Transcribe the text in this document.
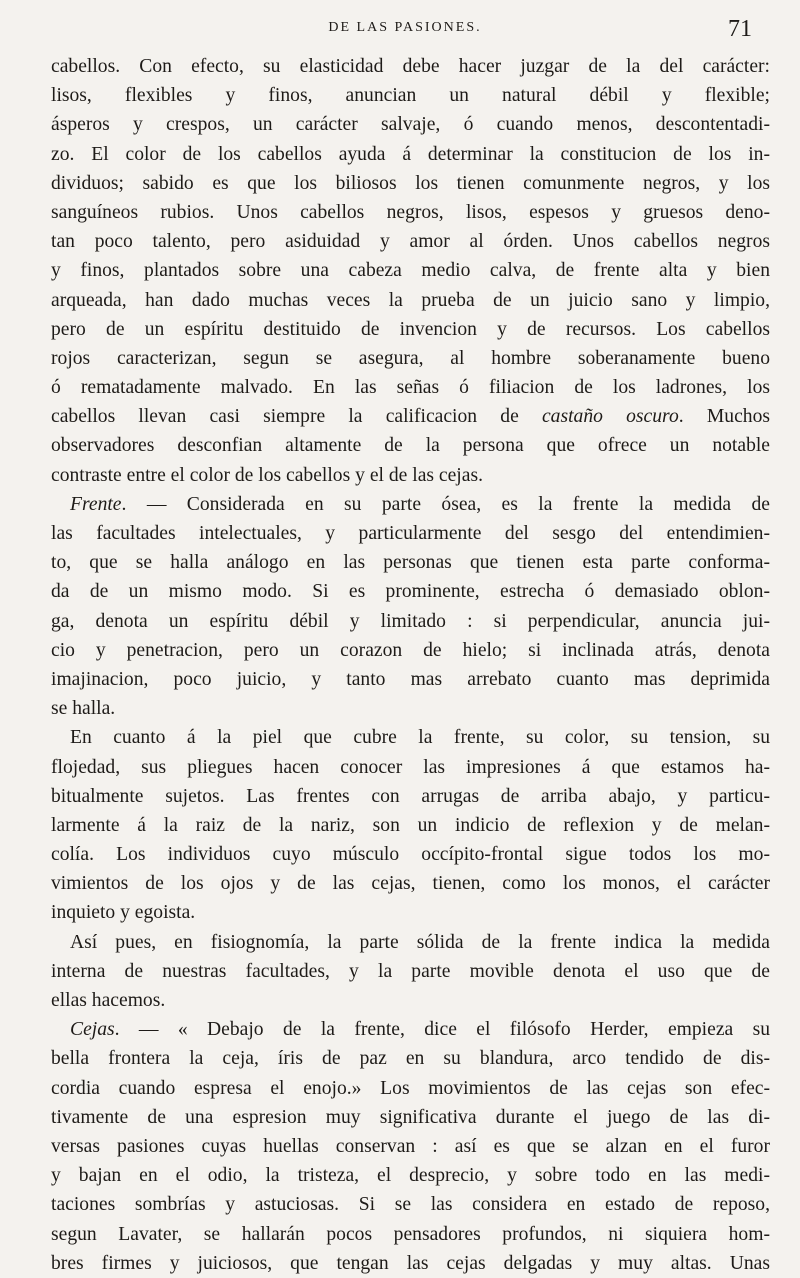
DE LAS PASIONES.	71
cabellos. Con efecto, su elasticidad debe hacer juzgar de la del carácter:
lisos, flexibles y finos, anuncian un natural débil y flexible;
ásperos y crespos, un carácter salvaje, ó cuando menos, descontentadi-
zo. El color de los cabellos ayuda á determinar la constitucion de los in-
dividuos; sabido es que los biliosos los tienen comunmente negros, y los
sanguíneos rubios. Unos cabellos negros, lisos, espesos y gruesos deno-
tan poco talento, pero asiduidad y amor al órden. Unos cabellos negros
y finos, plantados sobre una cabeza medio calva, de frente alta y bien
arqueada, han dado muchas veces la prueba de un juicio sano y limpio,
pero de un espíritu destituido de invencion y de recursos. Los cabellos
rojos caracterizan, segun se asegura, al hombre soberanamente bueno
ó rematadamente malvado. En las señas ó filiacion de los ladrones, los
cabellos llevan casi siempre la calificacion de castaño oscuro. Muchos
observadores desconfian altamente de la persona que ofrece un notable
contraste entre el color de los cabellos y el de las cejas.
Frente. — Considerada en su parte ósea, es la frente la medida de
las facultades intelectuales, y particularmente del sesgo del entendimien-
to, que se halla análogo en las personas que tienen esta parte conforma-
da de un mismo modo. Si es prominente, estrecha ó demasiado oblon-
ga, denota un espíritu débil y limitado : si perpendicular, anuncia jui-
cio y penetracion, pero un corazon de hielo; si inclinada atrás, denota
imajinacion, poco juicio, y tanto mas arrebato cuanto mas deprimida
se halla.
En cuanto á la piel que cubre la frente, su color, su tension, su
flojedad, sus pliegues hacen conocer las impresiones á que estamos ha-
bitualmente sujetos. Las frentes con arrugas de arriba abajo, y particu-
larmente á la raiz de la nariz, son un indicio de reflexion y de melan-
colía. Los individuos cuyo músculo occípito-frontal sigue todos los mo-
vimientos de los ojos y de las cejas, tienen, como los monos, el carácter
inquieto y egoista.
Así pues, en fisiognomía, la parte sólida de la frente indica la medida
interna de nuestras facultades, y la parte movible denota el uso que de
ellas hacemos.
Cejas. — « Debajo de la frente, dice el filósofo Herder, empieza su
bella frontera la ceja, íris de paz en su blandura, arco tendido de dis-
cordia cuando espresa el enojo.» Los movimientos de las cejas son efec-
tivamente de una espresion muy significativa durante el juego de las di-
versas pasiones cuyas huellas conservan : así es que se alzan en el furor
y bajan en el odio, la tristeza, el desprecio, y sobre todo en las medi-
taciones sombrías y astuciosas. Si se las considera en estado de reposo,
segun Lavater, se hallarán pocos pensadores profundos, ni siquiera hom-
bres firmes y juiciosos, que tengan las cejas delgadas y muy altas. Unas
